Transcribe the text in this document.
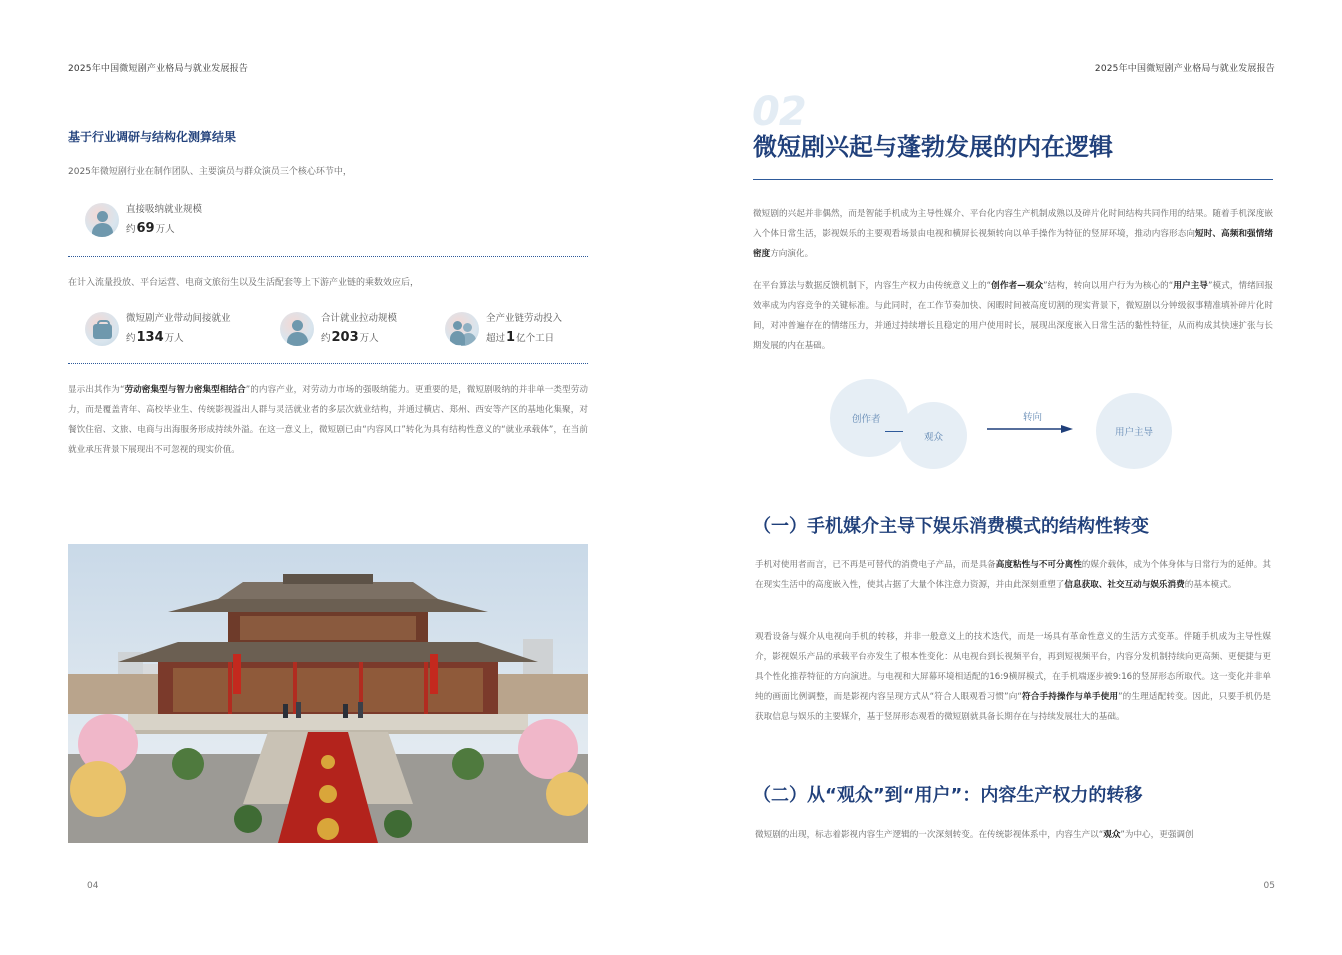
2025年中国微短剧产业格局与就业发展报告
基于行业调研与结构化测算结果
2025年微短剧行业在制作团队、主要演员与群众演员三个核心环节中，
直接吸纳就业规模
约69万人
在计入流量投放、平台运营、电商文旅衍生以及生活配套等上下游产业链的乘数效应后，
微短剧产业带动间接就业
约134万人
合计就业拉动规模
约203万人
全产业链劳动投入
超过1亿个工日
显示出其作为“劳动密集型与智力密集型相结合”的内容产业，对劳动力市场的强吸纳能力。更重要的是，微短剧吸纳的并非单一类型劳动力，而是覆盖青年、高校毕业生、传统影视溢出人群与灵活就业者的多层次就业结构，并通过横店、郑州、西安等产区的基地化集聚，对餐饮住宿、文旅、电商与出海服务形成持续外溢。在这一意义上，微短剧已由“内容风口”转化为具有结构性意义的“就业承载体”，在当前就业承压背景下展现出不可忽视的现实价值。
04
2025年中国微短剧产业格局与就业发展报告
02
微短剧兴起与蓬勃发展的内在逻辑
微短剧的兴起并非偶然，而是智能手机成为主导性媒介、平台化内容生产机制成熟以及碎片化时间结构共同作用的结果。随着手机深度嵌入个体日常生活，影视娱乐的主要观看场景由电视和横屏长视频转向以单手操作为特征的竖屏环境，推动内容形态向短时、高频和强情绪密度方向演化。
在平台算法与数据反馈机制下，内容生产权力由传统意义上的“创作者—观众”结构，转向以用户行为为核心的“用户主导”模式，情绪回报效率成为内容竞争的关键标准。与此同时，在工作节奏加快、闲暇时间被高度切割的现实背景下，微短剧以分钟级叙事精准填补碎片化时间，对冲普遍存在的情绪压力，并通过持续增长且稳定的用户使用时长，展现出深度嵌入日常生活的黏性特征，从而构成其快速扩张与长期发展的内在基础。
创作者
观众
转向
用户主导
（一）手机媒介主导下娱乐消费模式的结构性转变
手机对使用者而言，已不再是可替代的消费电子产品，而是具备高度粘性与不可分离性的媒介载体，成为个体身体与日常行为的延伸。其在现实生活中的高度嵌入性，使其占据了大量个体注意力资源，并由此深刻重塑了信息获取、社交互动与娱乐消费的基本模式。
观看设备与媒介从电视向手机的转移，并非一般意义上的技术迭代，而是一场具有革命性意义的生活方式变革。伴随手机成为主导性媒介，影视娱乐产品的承载平台亦发生了根本性变化：从电视台到长视频平台，再到短视频平台，内容分发机制持续向更高频、更便捷与更具个性化推荐特征的方向演进。与电视和大屏幕环境相适配的16:9横屏模式，在手机端逐步被9:16的竖屏形态所取代。这一变化并非单纯的画面比例调整，而是影视内容呈现方式从“符合人眼观看习惯”向“符合手持操作与单手使用”的生理适配转变。因此，只要手机仍是获取信息与娱乐的主要媒介，基于竖屏形态观看的微短剧就具备长期存在与持续发展壮大的基础。
（二）从“观众”到“用户”：内容生产权力的转移
微短剧的出现，标志着影视内容生产逻辑的一次深刻转变。在传统影视体系中，内容生产以“观众”为中心，更强调创
05
